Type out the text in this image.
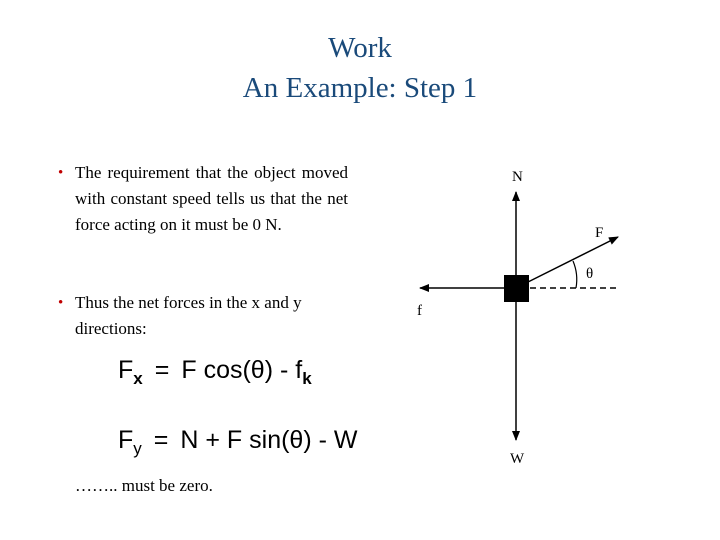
Work
An Example: Step 1
• The requirement that the object moved with constant speed tells us that the net force acting on it must be 0 N.
• Thus the net forces in the x and y directions:
$F_x = F$ $\cos(\theta) - f_k$
$F_y = N + F$ sin(θ) - W
…….. must be zero.
N
F
θ
f
W
